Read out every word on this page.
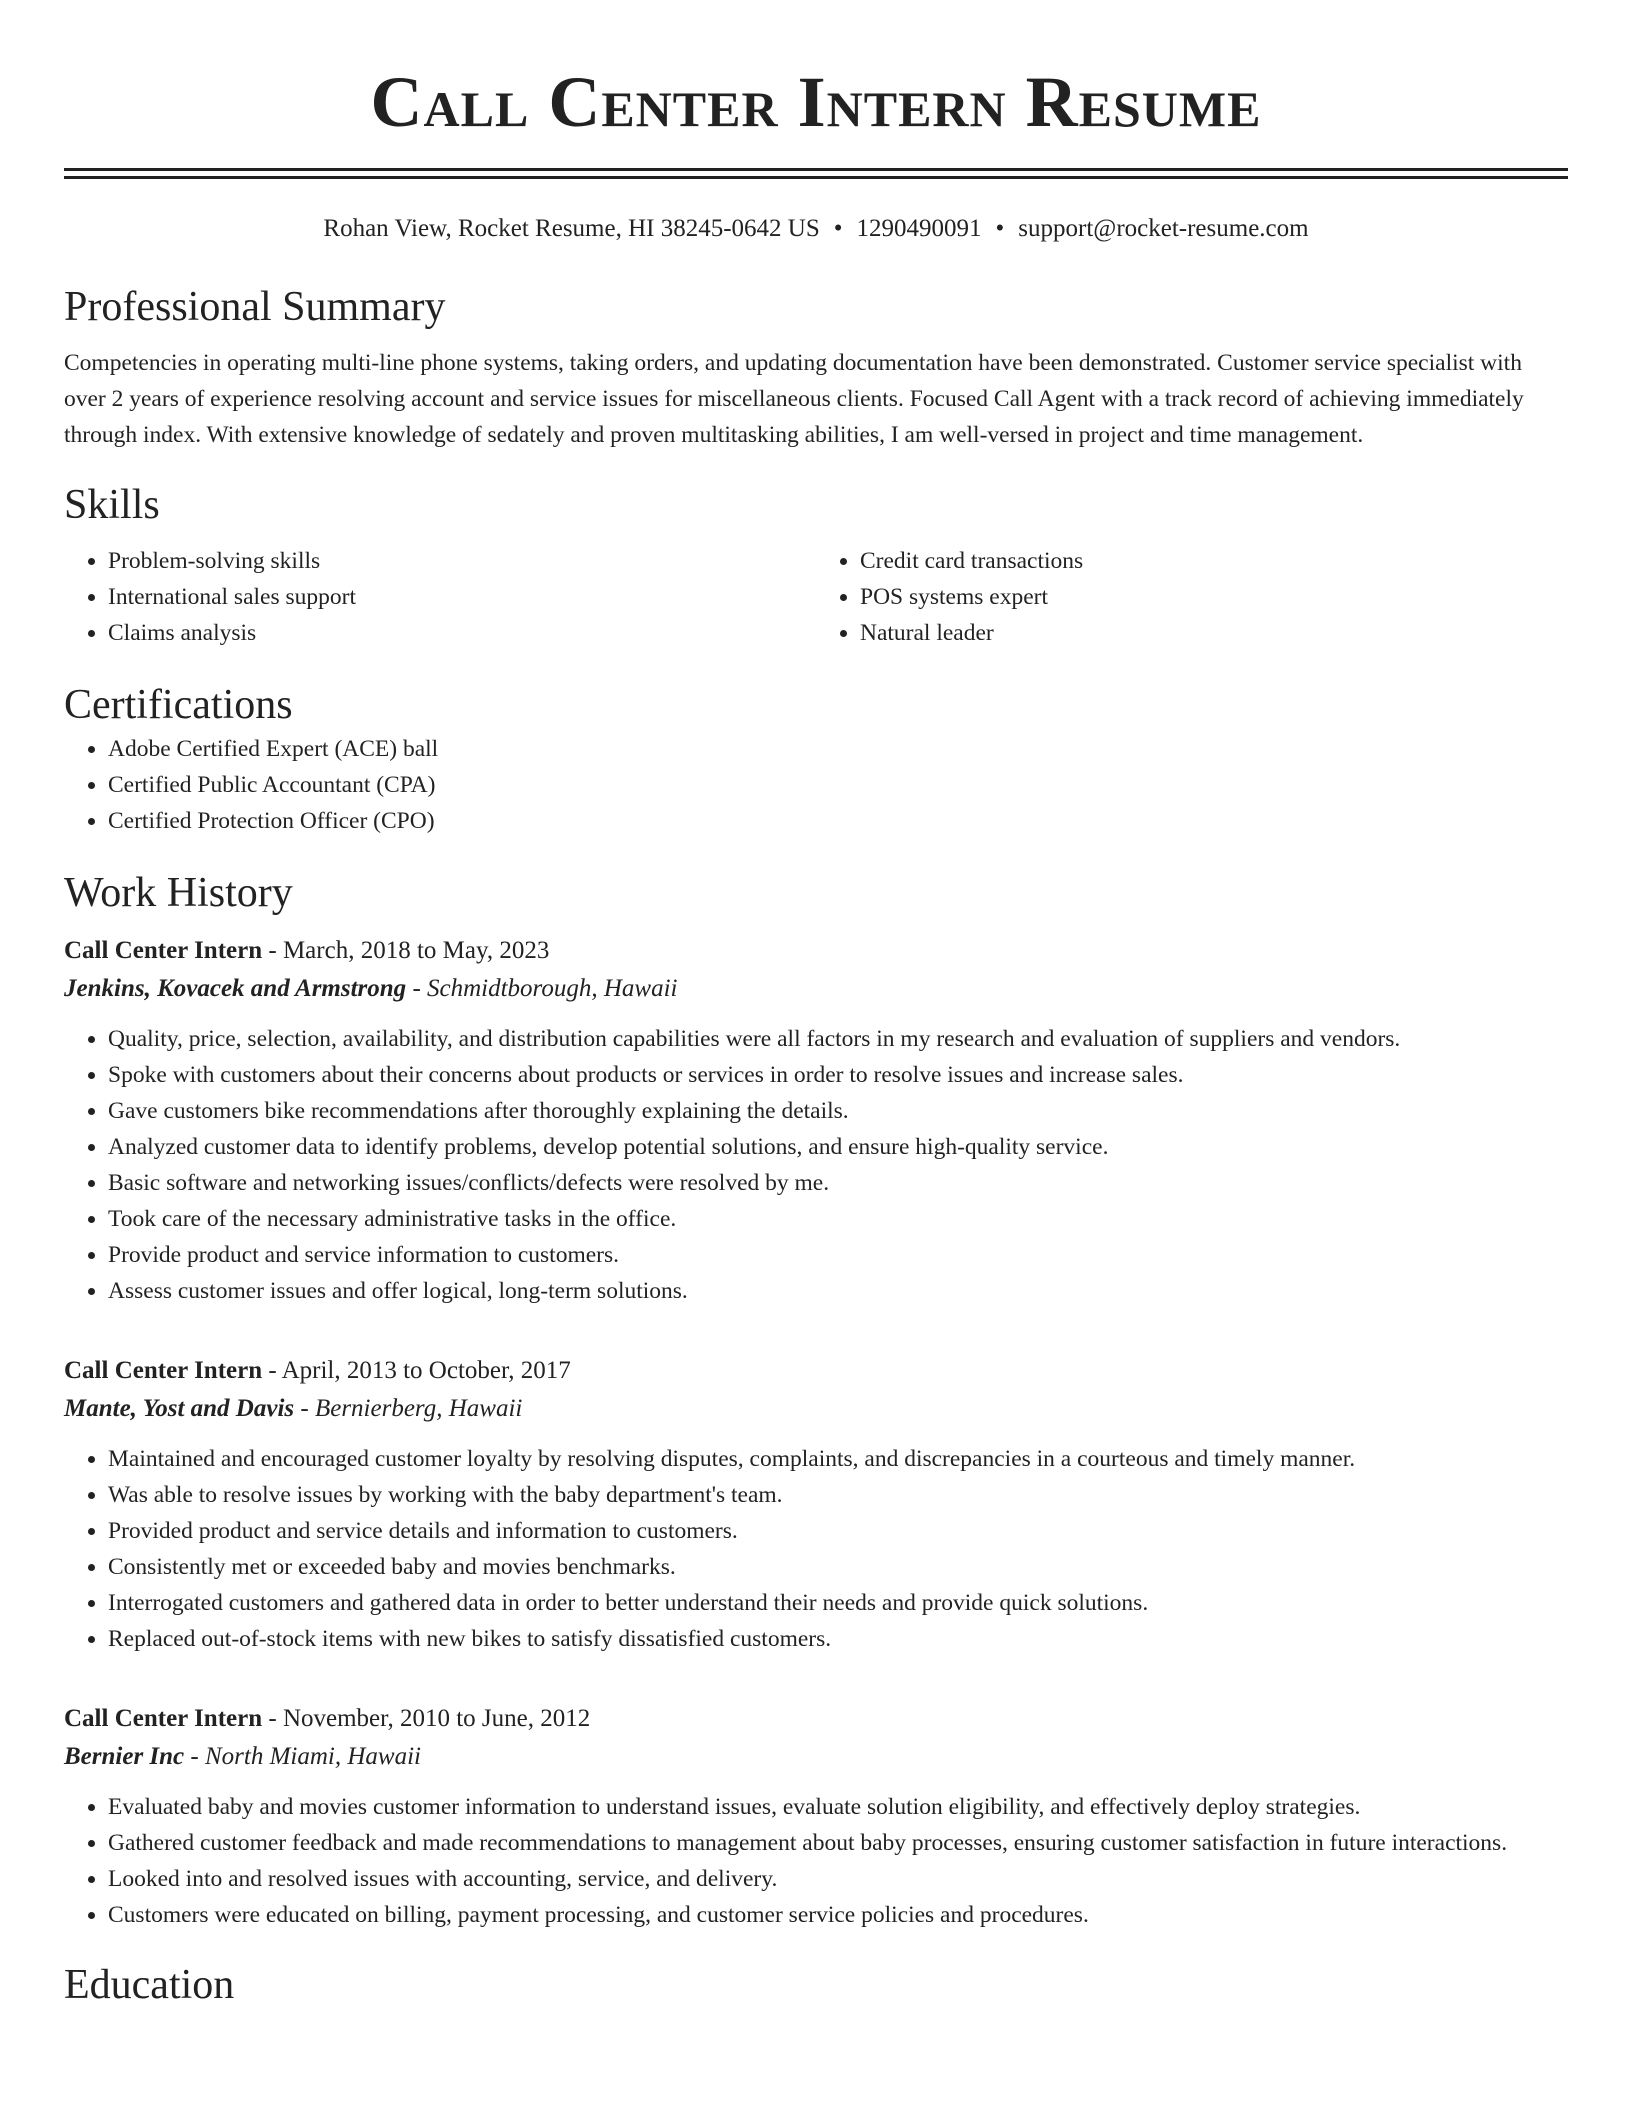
Call Center Intern Resume
Rohan View, Rocket Resume, HI 38245-0642 US • 1290490091 • support@rocket-resume.com
Professional Summary

Competencies in operating multi-line phone systems, taking orders, and updating documentation have been demonstrated. Customer service specialist with over 2 years of experience resolving account and service issues for miscellaneous clients. Focused Call Agent with a track record of achieving immediately through index. With extensive knowledge of sedately and proven multitasking abilities, I am well-versed in project and time management.

Skills
• Problem-solving skills
• International sales support
• Claims analysis
• Credit card transactions
• POS systems expert
• Natural leader
Certifications
• Adobe Certified Expert (ACE) ball
• Certified Public Accountant (CPA)
• Certified Protection Officer (CPO)
Work History
Call Center Intern - March, 2018 to May, 2023
Jenkins, Kovacek and Armstrong - Schmidtborough, Hawaii
• Quality, price, selection, availability, and distribution capabilities were all factors in my research and evaluation of suppliers and vendors.
• Spoke with customers about their concerns about products or services in order to resolve issues and increase sales.
• Gave customers bike recommendations after thoroughly explaining the details.
• Analyzed customer data to identify problems, develop potential solutions, and ensure high-quality service.
• Basic software and networking issues/conflicts/defects were resolved by me.
• Took care of the necessary administrative tasks in the office.
• Provide product and service information to customers.
• Assess customer issues and offer logical, long-term solutions.
Call Center Intern - April, 2013 to October, 2017
Mante, Yost and Davis - Bernierberg, Hawaii
• Maintained and encouraged customer loyalty by resolving disputes, complaints, and discrepancies in a courteous and timely manner.
• Was able to resolve issues by working with the baby department's team.
• Provided product and service details and information to customers.
• Consistently met or exceeded baby and movies benchmarks.
• Interrogated customers and gathered data in order to better understand their needs and provide quick solutions.
• Replaced out-of-stock items with new bikes to satisfy dissatisfied customers.
Call Center Intern - November, 2010 to June, 2012
Bernier Inc - North Miami, Hawaii
• Evaluated baby and movies customer information to understand issues, evaluate solution eligibility, and effectively deploy strategies.
• Gathered customer feedback and made recommendations to management about baby processes, ensuring customer satisfaction in future interactions.
• Looked into and resolved issues with accounting, service, and delivery.
• Customers were educated on billing, payment processing, and customer service policies and procedures.
Education
